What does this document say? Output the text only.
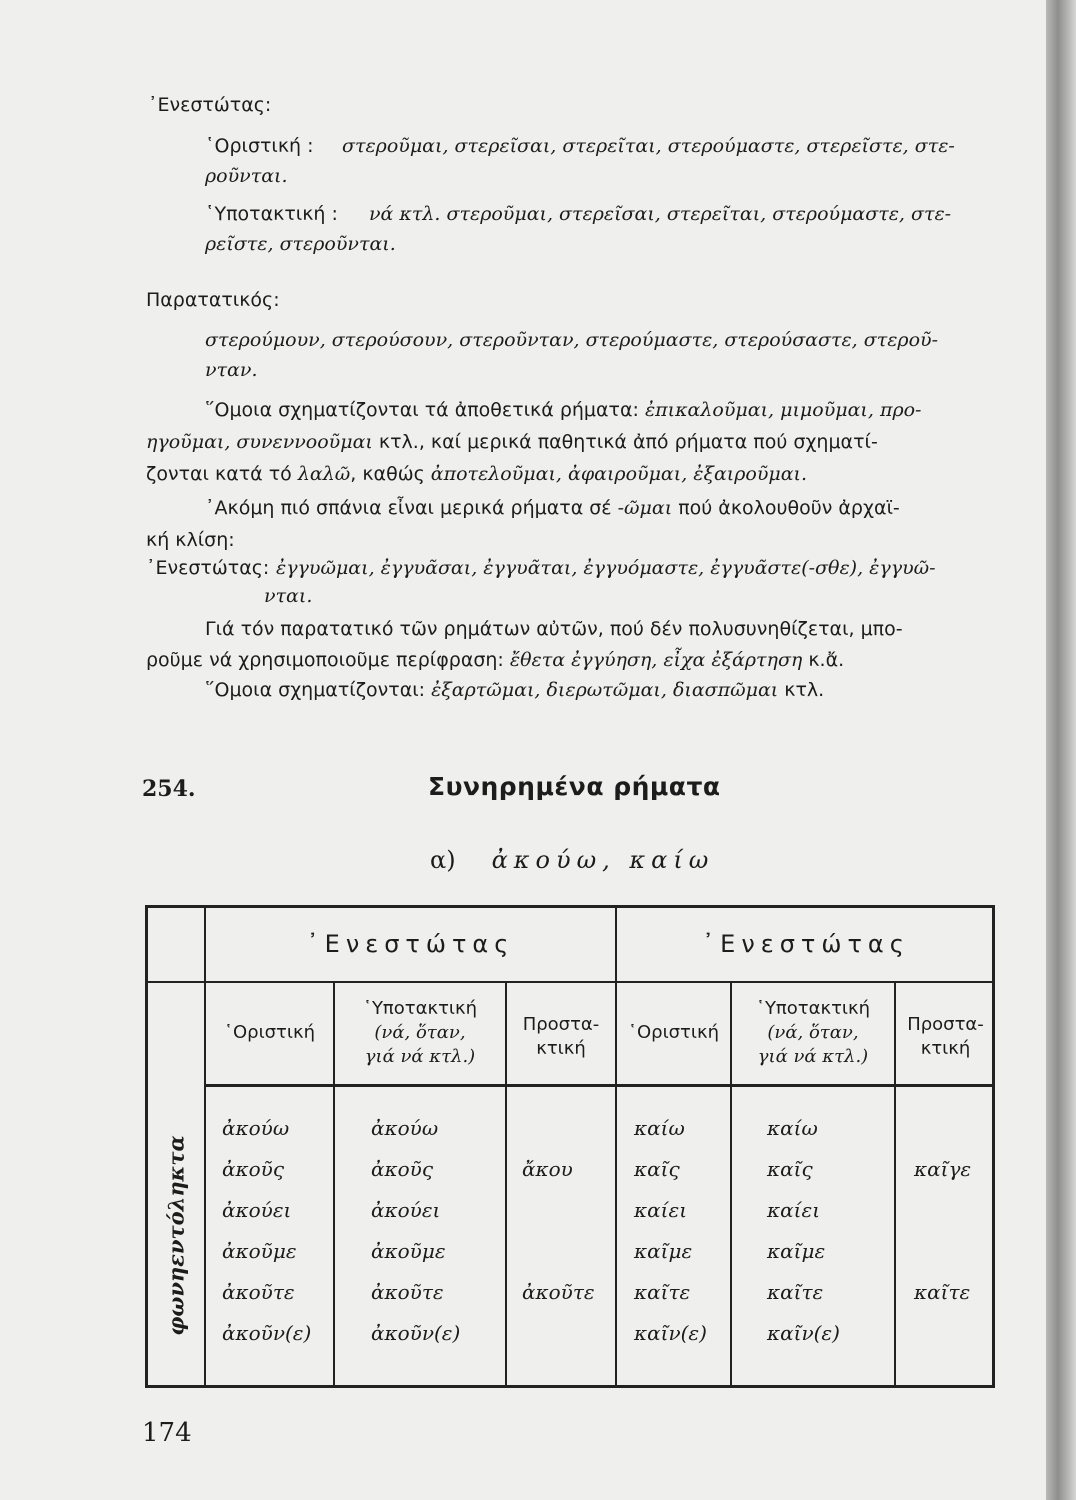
᾿Ενεστώτας:
῾Οριστική : στεροῦμαι, στερεῖσαι, στερεῖται, στερούμαστε, στερεῖστε, στε-
ροῦνται.
῾Υποτακτική : νά κτλ. στεροῦμαι, στερεῖσαι, στερεῖται, στερούμαστε, στε-
ρεῖστε, στεροῦνται.
Παρατατικός:
στερούμουν, στερούσουν, στεροῦνταν, στερούμαστε, στερούσαστε, στεροῦ-
νταν.
῞Ομοια σχηματίζονται τά ἀποθετικά ρήματα: ἐπικαλοῦμαι, μιμοῦμαι, προ-
ηγοῦμαι, συνεννοοῦμαι κτλ., καί μερικά παθητικά ἀπό ρήματα πού σχηματί-
ζονται κατά τό λαλῶ, καθώς ἀποτελοῦμαι, ἀφαιροῦμαι, ἐξαιροῦμαι.
᾿Ακόμη πιό σπάνια εἶναι μερικά ρήματα σέ -ῶμαι πού ἀκολουθοῦν ἀρχαϊ-
κή κλίση:
᾿Ενεστώτας: ἐγγυῶμαι, ἐγγυᾶσαι, ἐγγυᾶται, ἐγγυόμαστε, ἐγγυᾶστε(-σθε), ἐγγυῶ-
νται.
Γιά τόν παρατατικό τῶν ρημάτων αὐτῶν, πού δέν πολυσυνηθίζεται, μπο-
ροῦμε νά χρησιμοποιοῦμε περίφραση: ἔθετα ἐγγύηση, εἶχα ἐξάρτηση κ.ἄ.
῞Ομοια σχηματίζονται: ἐξαρτῶμαι, διερωτῶμαι, διασπῶμαι κτλ.
254.	Συνηρημένα ρήματα
α) ἀκούω, καίω
᾿Ενεστώτας	᾿Ενεστώτας
῾Οριστική
῾Υποτακτική
(νά, ὅταν,
γιά νά κτλ.)
Προστα-
κτική
῾Οριστική
῾Υποτακτική
(νά, ὅταν,
γιά νά κτλ.)
Προστα-
κτική
φωνηεντόληκτα
ἀκούω
ἀκοῦς
ἀκούει
ἀκοῦμε
ἀκοῦτε
ἀκοῦν(ε)
ἀκούω
ἀκοῦς
ἀκούει
ἀκοῦμε
ἀκοῦτε
ἀκοῦν(ε)
ἄκου
ἀκοῦτε
καίω
καῖς
καίει
καῖμε
καῖτε
καῖν(ε)
καίω
καῖς
καίει
καῖμε
καῖτε
καῖν(ε)
καῖγε
καῖτε
174
